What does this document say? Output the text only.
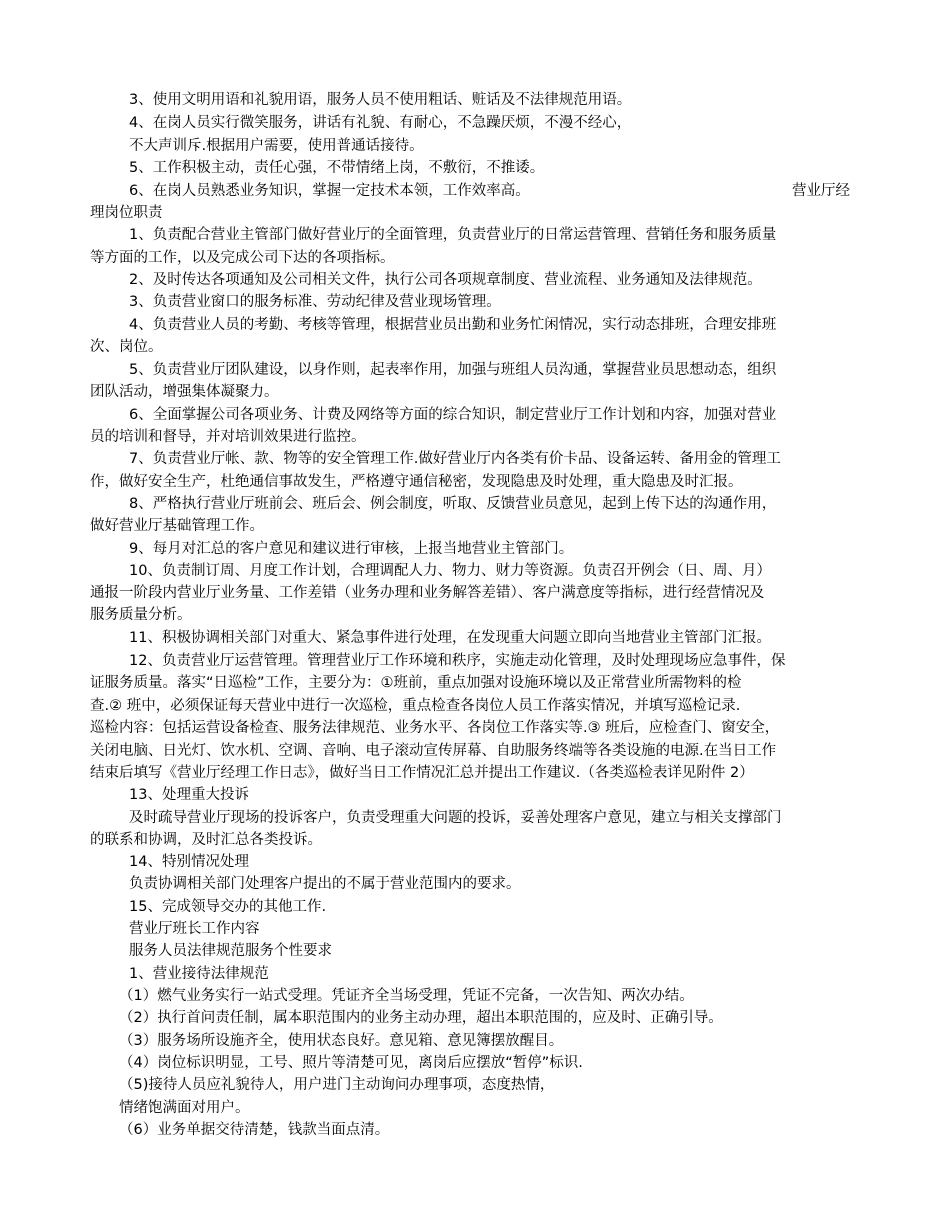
3、使用文明用语和礼貌用语，服务人员不使用粗话、赃话及不法律规范用语。
4、在岗人员实行微笑服务，讲话有礼貌、有耐心，不急躁厌烦，不漫不经心，
不大声训斥.根据用户需要，使用普通话接待。
5、工作积极主动，责任心强，不带情绪上岗，不敷衍，不推诿。
6、在岗人员熟悉业务知识，掌握一定技术本领，工作效率高。	营业厅经
理岗位职责
1、负责配合营业主管部门做好营业厅的全面管理，负责营业厅的日常运营管理、营销任务和服务质量
等方面的工作，以及完成公司下达的各项指标。
2、及时传达各项通知及公司相关文件，执行公司各项规章制度、营业流程、业务通知及法律规范。
3、负责营业窗口的服务标准、劳动纪律及营业现场管理。
4、负责营业人员的考勤、考核等管理，根据营业员出勤和业务忙闲情况，实行动态排班，合理安排班
次、岗位。
5、负责营业厅团队建设，以身作则，起表率作用，加强与班组人员沟通，掌握营业员思想动态，组织
团队活动，增强集体凝聚力。
6、全面掌握公司各项业务、计费及网络等方面的综合知识，制定营业厅工作计划和内容，加强对营业
员的培训和督导，并对培训效果进行监控。
7、负责营业厅帐、款、物等的安全管理工作.做好营业厅内各类有价卡品、设备运转、备用金的管理工
作，做好安全生产，杜绝通信事故发生，严格遵守通信秘密，发现隐患及时处理，重大隐患及时汇报。
8、严格执行营业厅班前会、班后会、例会制度，听取、反馈营业员意见，起到上传下达的沟通作用，
做好营业厅基础管理工作。
9、每月对汇总的客户意见和建议进行审核，上报当地营业主管部门。
10、负责制订周、月度工作计划，合理调配人力、物力、财力等资源。负责召开例会（日、周、月）
通报一阶段内营业厅业务量、工作差错（业务办理和业务解答差错）、客户满意度等指标，进行经营情况及
服务质量分析。
11、积极协调相关部门对重大、紧急事件进行处理，在发现重大问题立即向当地营业主管部门汇报。
12、负责营业厅运营管理。管理营业厅工作环境和秩序，实施走动化管理，及时处理现场应急事件，保
证服务质量。落实“日巡检”工作，主要分为：①班前，重点加强对设施环境以及正常营业所需物料的检
查.② 班中，必须保证每天营业中进行一次巡检，重点检查各岗位人员工作落实情况，并填写巡检记录.
巡检内容：包括运营设备检查、服务法律规范、业务水平、各岗位工作落实等.③ 班后，应检查门、窗安全，
关闭电脑、日光灯、饮水机、空调、音响、电子滚动宣传屏幕、自助服务终端等各类设施的电源.在当日工作
结束后填写《营业厅经理工作日志》，做好当日工作情况汇总并提出工作建议.（各类巡检表详见附件 2）
13、处理重大投诉
及时疏导营业厅现场的投诉客户，负责受理重大问题的投诉，妥善处理客户意见，建立与相关支撑部门
的联系和协调，及时汇总各类投诉。
14、特别情况处理
负责协调相关部门处理客户提出的不属于营业范围内的要求。
15、完成领导交办的其他工作.
营业厅班长工作内容
服务人员法律规范服务个性要求
1、营业接待法律规范
（1）燃气业务实行一站式受理。凭证齐全当场受理，凭证不完备，一次告知、两次办结。
（2）执行首问责任制，属本职范围内的业务主动办理，超出本职范围的，应及时、正确引导。
（3）服务场所设施齐全，使用状态良好。意见箱、意见簿摆放醒目。
（4）岗位标识明显，工号、照片等清楚可见，离岗后应摆放“暂停”标识.
（5)接待人员应礼貌待人，用户进门主动询问办理事项，态度热情，
情绪饱满面对用户。
（6）业务单据交待清楚，钱款当面点清。
